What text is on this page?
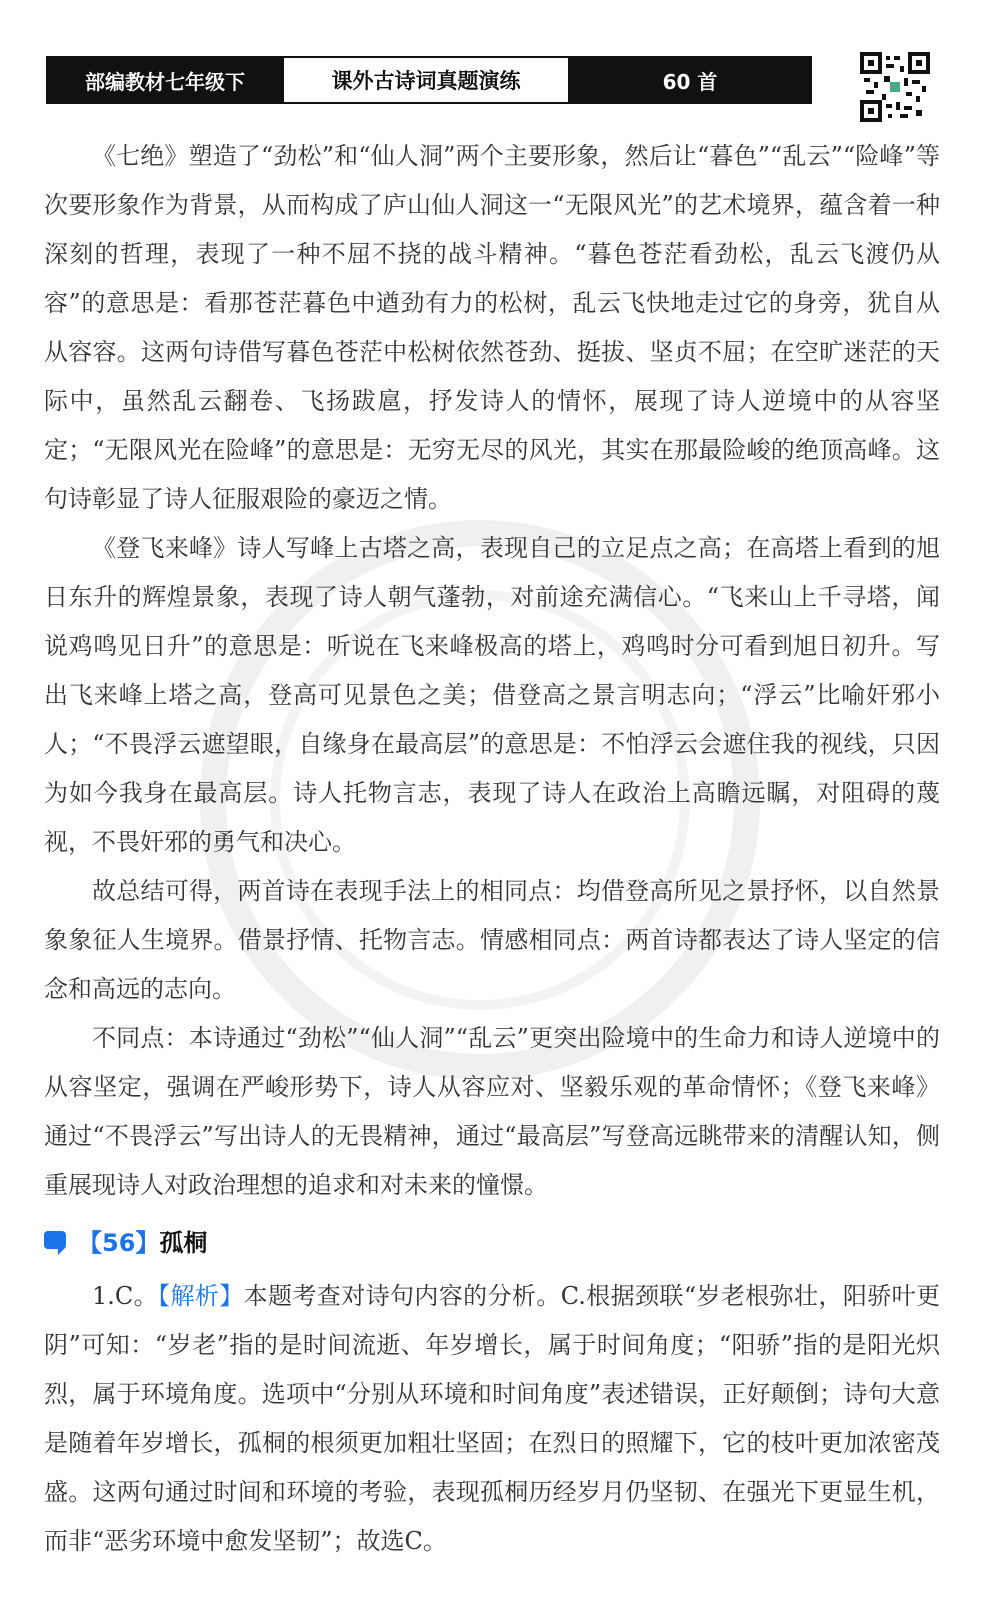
部编教材七年级下	课外古诗词真题演练	60 首

《七绝》塑造了“劲松”和“仙人洞”两个主要形象，然后让“暮色”“乱云”“险峰”等次要形象作为背景，从而构成了庐山仙人洞这一“无限风光”的艺术境界，蕴含着一种深刻的哲理，表现了一种不屈不挠的战斗精神。“暮色苍茫看劲松，乱云飞渡仍从容”的意思是：看那苍茫暮色中遒劲有力的松树，乱云飞快地走过它的身旁，犹自从从容容。这两句诗借写暮色苍茫中松树依然苍劲、挺拔、坚贞不屈；在空旷迷茫的天际中，虽然乱云翻卷、飞扬跋扈，抒发诗人的情怀，展现了诗人逆境中的从容坚定；“无限风光在险峰”的意思是：无穷无尽的风光，其实在那最险峻的绝顶高峰。这句诗彰显了诗人征服艰险的豪迈之情。

《登飞来峰》诗人写峰上古塔之高，表现自己的立足点之高；在高塔上看到的旭日东升的辉煌景象，表现了诗人朝气蓬勃，对前途充满信心。“飞来山上千寻塔，闻说鸡鸣见日升”的意思是：听说在飞来峰极高的塔上，鸡鸣时分可看到旭日初升。写出飞来峰上塔之高，登高可见景色之美；借登高之景言明志向；“浮云”比喻奸邪小人；“不畏浮云遮望眼，自缘身在最高层”的意思是：不怕浮云会遮住我的视线，只因为如今我身在最高层。诗人托物言志，表现了诗人在政治上高瞻远瞩，对阻碍的蔑视，不畏奸邪的勇气和决心。

故总结可得，两首诗在表现手法上的相同点：均借登高所见之景抒怀，以自然景象象征人生境界。借景抒情、托物言志。情感相同点：两首诗都表达了诗人坚定的信念和高远的志向。

不同点：本诗通过“劲松”“仙人洞”“乱云”更突出险境中的生命力和诗人逆境中的从容坚定，强调在严峻形势下，诗人从容应对、坚毅乐观的革命情怀；《登飞来峰》通过“不畏浮云”写出诗人的无畏精神，通过“最高层”写登高远眺带来的清醒认知，侧重展现诗人对政治理想的追求和对未来的憧憬。

【56】 孤桐

1.C。【解析】本题考查对诗句内容的分析。C.根据颈联“岁老根弥壮，阳骄叶更阴”可知：“岁老”指的是时间流逝、年岁增长，属于时间角度；“阳骄”指的是阳光炽烈，属于环境角度。选项中“分别从环境和时间角度”表述错误，正好颠倒；诗句大意是随着年岁增长，孤桐的根须更加粗壮坚固；在烈日的照耀下，它的枝叶更加浓密茂盛。这两句通过时间和环境的考验，表现孤桐历经岁月仍坚韧、在强光下更显生机，而非“恶劣环境中愈发坚韧”；故选C。
